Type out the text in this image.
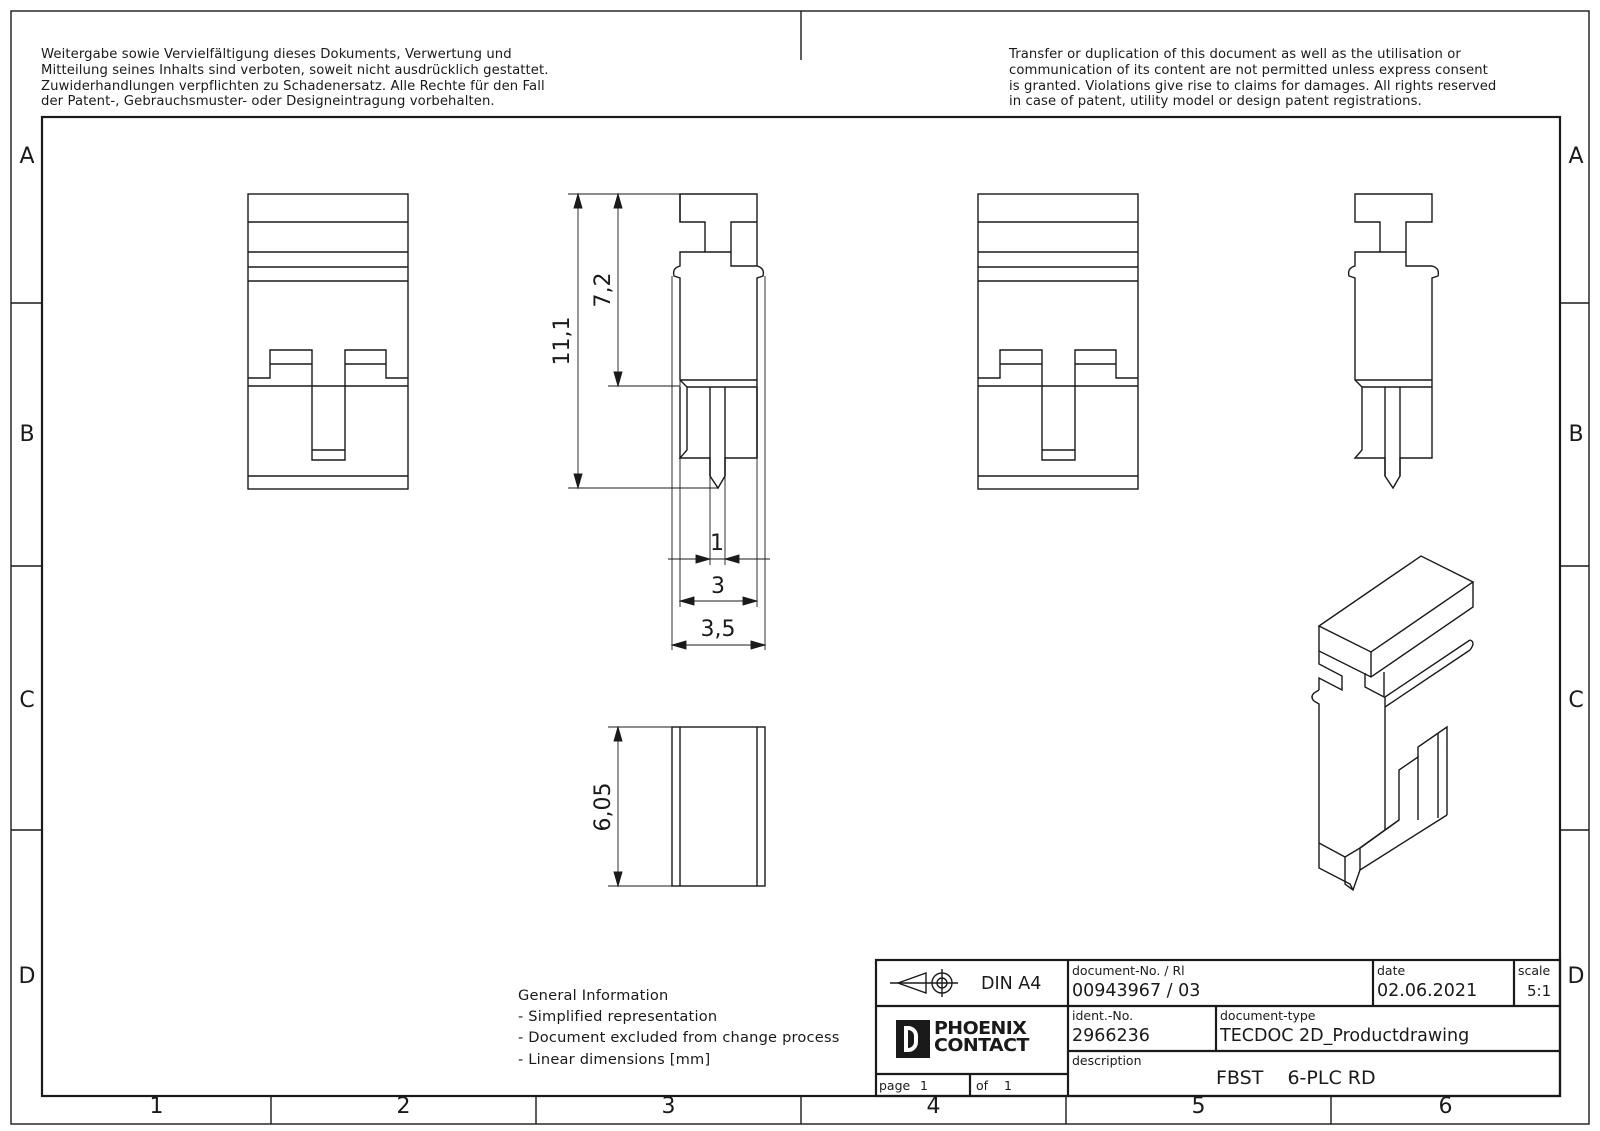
Weitergabe sowie Vervielfältigung dieses Dokuments, Verwertung und
Mitteilung seines Inhalts sind verboten, soweit nicht ausdrücklich gestattet.
Zuwiderhandlungen verpflichten zu Schadenersatz. Alle Rechte für den Fall
der Patent-, Gebrauchsmuster- oder Designeintragung vorbehalten.
Transfer or duplication of this document as well as the utilisation or
communication of its content are not permitted unless express consent
is granted. Violations give rise to claims for damages. All rights reserved
in case of patent, utility model or design patent registrations.
A
B
C
D
A
B
C
D
1	2	3	4	5	6
11,1
7,2
1
3
3,5
6,05
General Information
- Simplified representation
- Document excluded from change process
- Linear dimensions [mm]
DIN A4
PHOENIX
CONTACT
page 1	of 1
document-No. / Rl
00943967 / 03
date
02.06.2021
scale
5:1
ident.-No.
2966236
document-type
TECDOC 2D_Productdrawing
description
FBST    6-PLC RD
